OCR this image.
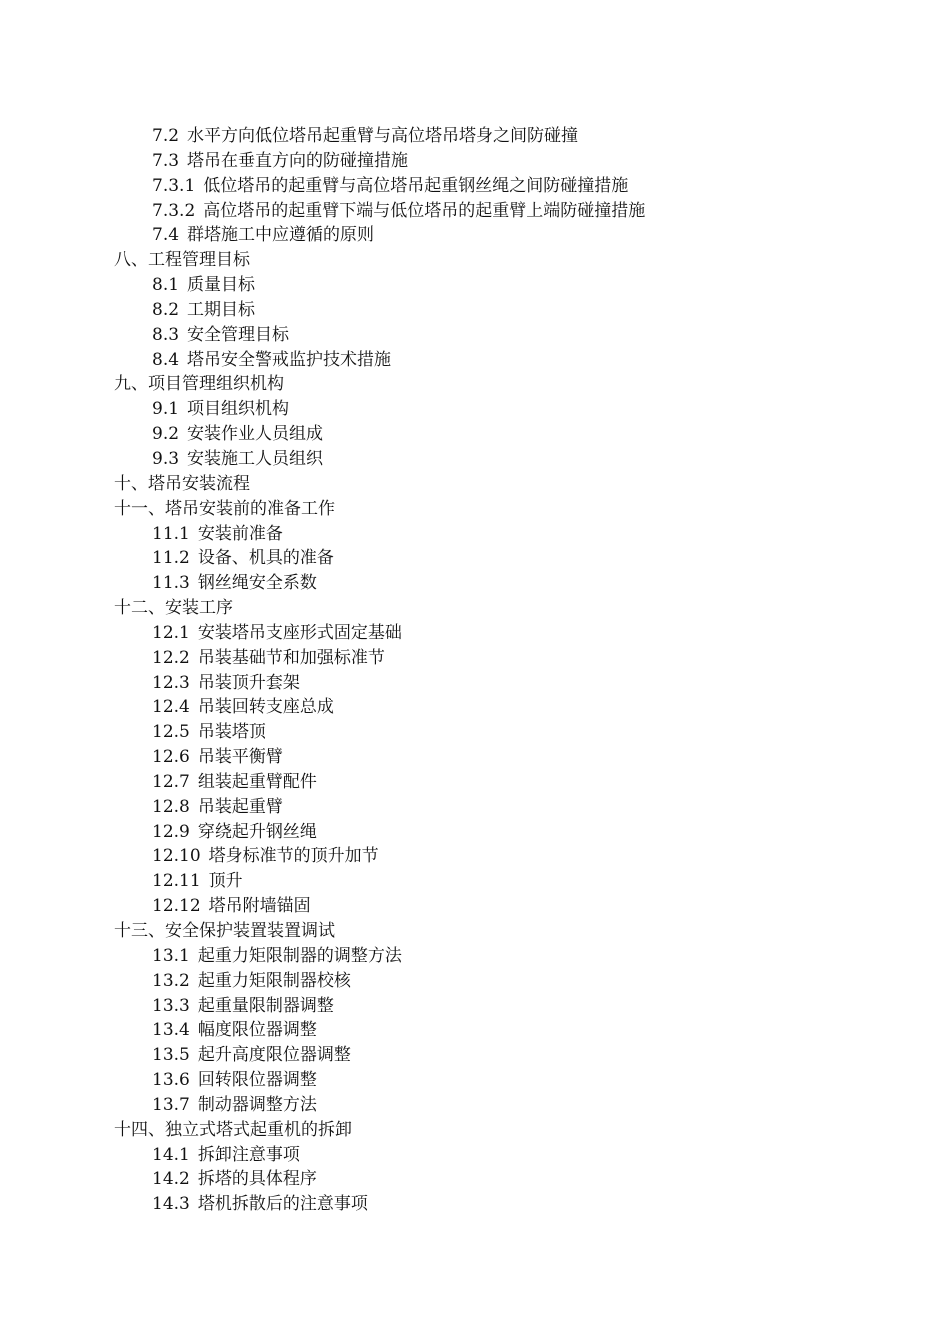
7.2 水平方向低位塔吊起重臂与高位塔吊塔身之间防碰撞
7.3 塔吊在垂直方向的防碰撞措施
7.3.1 低位塔吊的起重臂与高位塔吊起重钢丝绳之间防碰撞措施
7.3.2 高位塔吊的起重臂下端与低位塔吊的起重臂上端防碰撞措施
7.4 群塔施工中应遵循的原则
八、工程管理目标
8.1 质量目标
8.2 工期目标
8.3 安全管理目标
8.4 塔吊安全警戒监护技术措施
九、项目管理组织机构
9.1 项目组织机构
9.2 安装作业人员组成
9.3 安装施工人员组织
十、塔吊安装流程
十一、塔吊安装前的准备工作
11.1 安装前准备
11.2 设备、机具的准备
11.3 钢丝绳安全系数
十二、安装工序
12.1 安装塔吊支座形式固定基础
12.2 吊装基础节和加强标准节
12.3 吊装顶升套架
12.4 吊装回转支座总成
12.5 吊装塔顶
12.6 吊装平衡臂
12.7 组装起重臂配件
12.8 吊装起重臂
12.9 穿绕起升钢丝绳
12.10 塔身标准节的顶升加节
12.11 顶升
12.12 塔吊附墙锚固
十三、安全保护装置装置调试
13.1 起重力矩限制器的调整方法
13.2 起重力矩限制器校核
13.3 起重量限制器调整
13.4 幅度限位器调整
13.5 起升高度限位器调整
13.6 回转限位器调整
13.7 制动器调整方法
十四、独立式塔式起重机的拆卸
14.1 拆卸注意事项
14.2 拆塔的具体程序
14.3 塔机拆散后的注意事项
